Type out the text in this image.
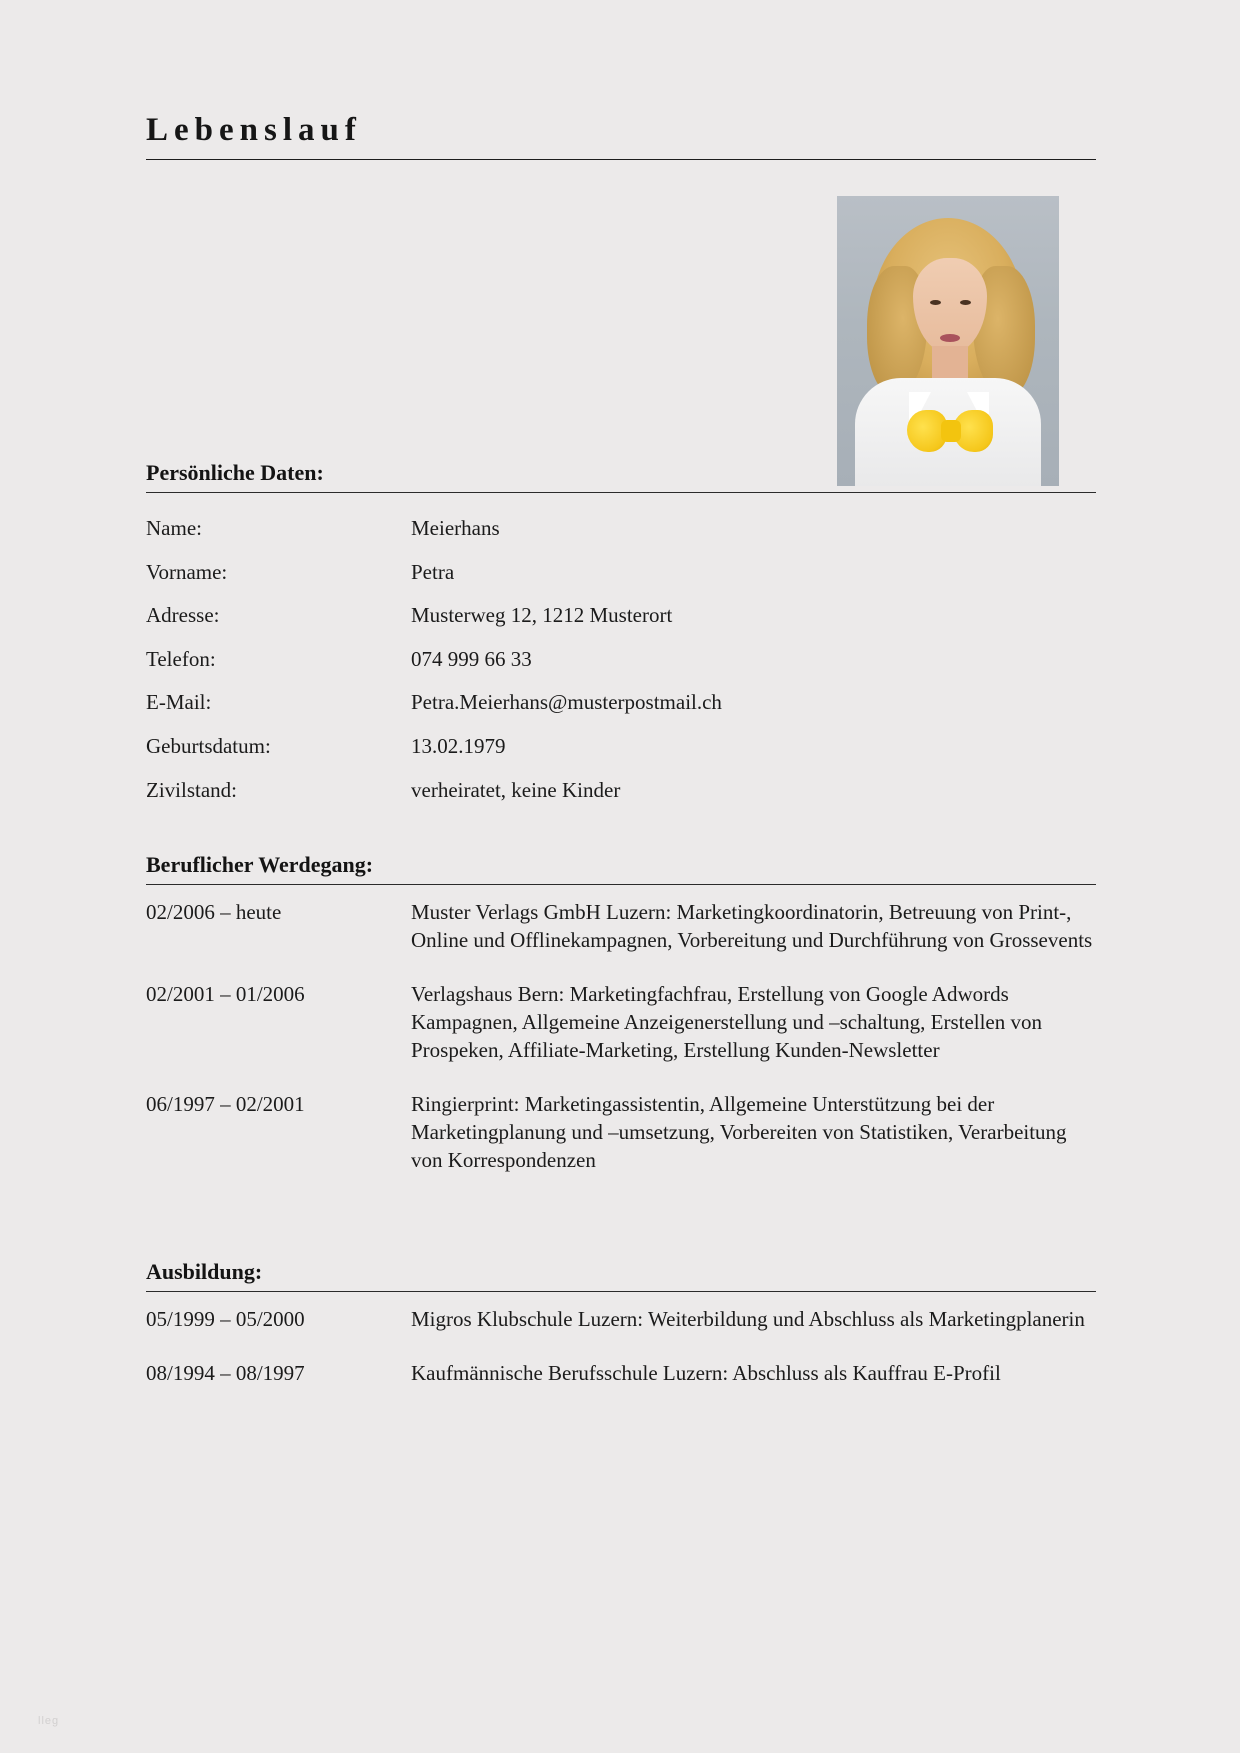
Lebenslauf
Persönliche Daten:
Name:	Meierhans
Vorname:	Petra
Adresse:	Musterweg 12, 1212 Musterort
Telefon:	074 999 66 33
E-Mail:	Petra.Meierhans@musterpostmail.ch
Geburtsdatum:	13.02.1979
Zivilstand:	verheiratet, keine Kinder
Beruflicher Werdegang:
02/2006 – heute	Muster Verlags GmbH Luzern: Marketingkoordinatorin, Betreuung von Print-, Online und Offlinekampagnen, Vorbereitung und Durchführung von Grossevents
02/2001 – 01/2006	Verlagshaus Bern: Marketingfachfrau, Erstellung von Google Adwords Kampagnen, Allgemeine Anzeigenerstellung und –schaltung, Erstellen von Prospeken, Affiliate-Marketing, Erstellung Kunden-Newsletter
06/1997 – 02/2001	Ringierprint: Marketingassistentin, Allgemeine Unterstützung bei der Marketingplanung und –umsetzung, Vorbereiten von Statistiken, Verarbeitung von Korrespondenzen
Ausbildung:
05/1999 – 05/2000	Migros Klubschule Luzern: Weiterbildung und Abschluss als Marketingplanerin
08/1994 – 08/1997	Kaufmännische Berufsschule Luzern: Abschluss als Kauffrau E-Profil
lleg
